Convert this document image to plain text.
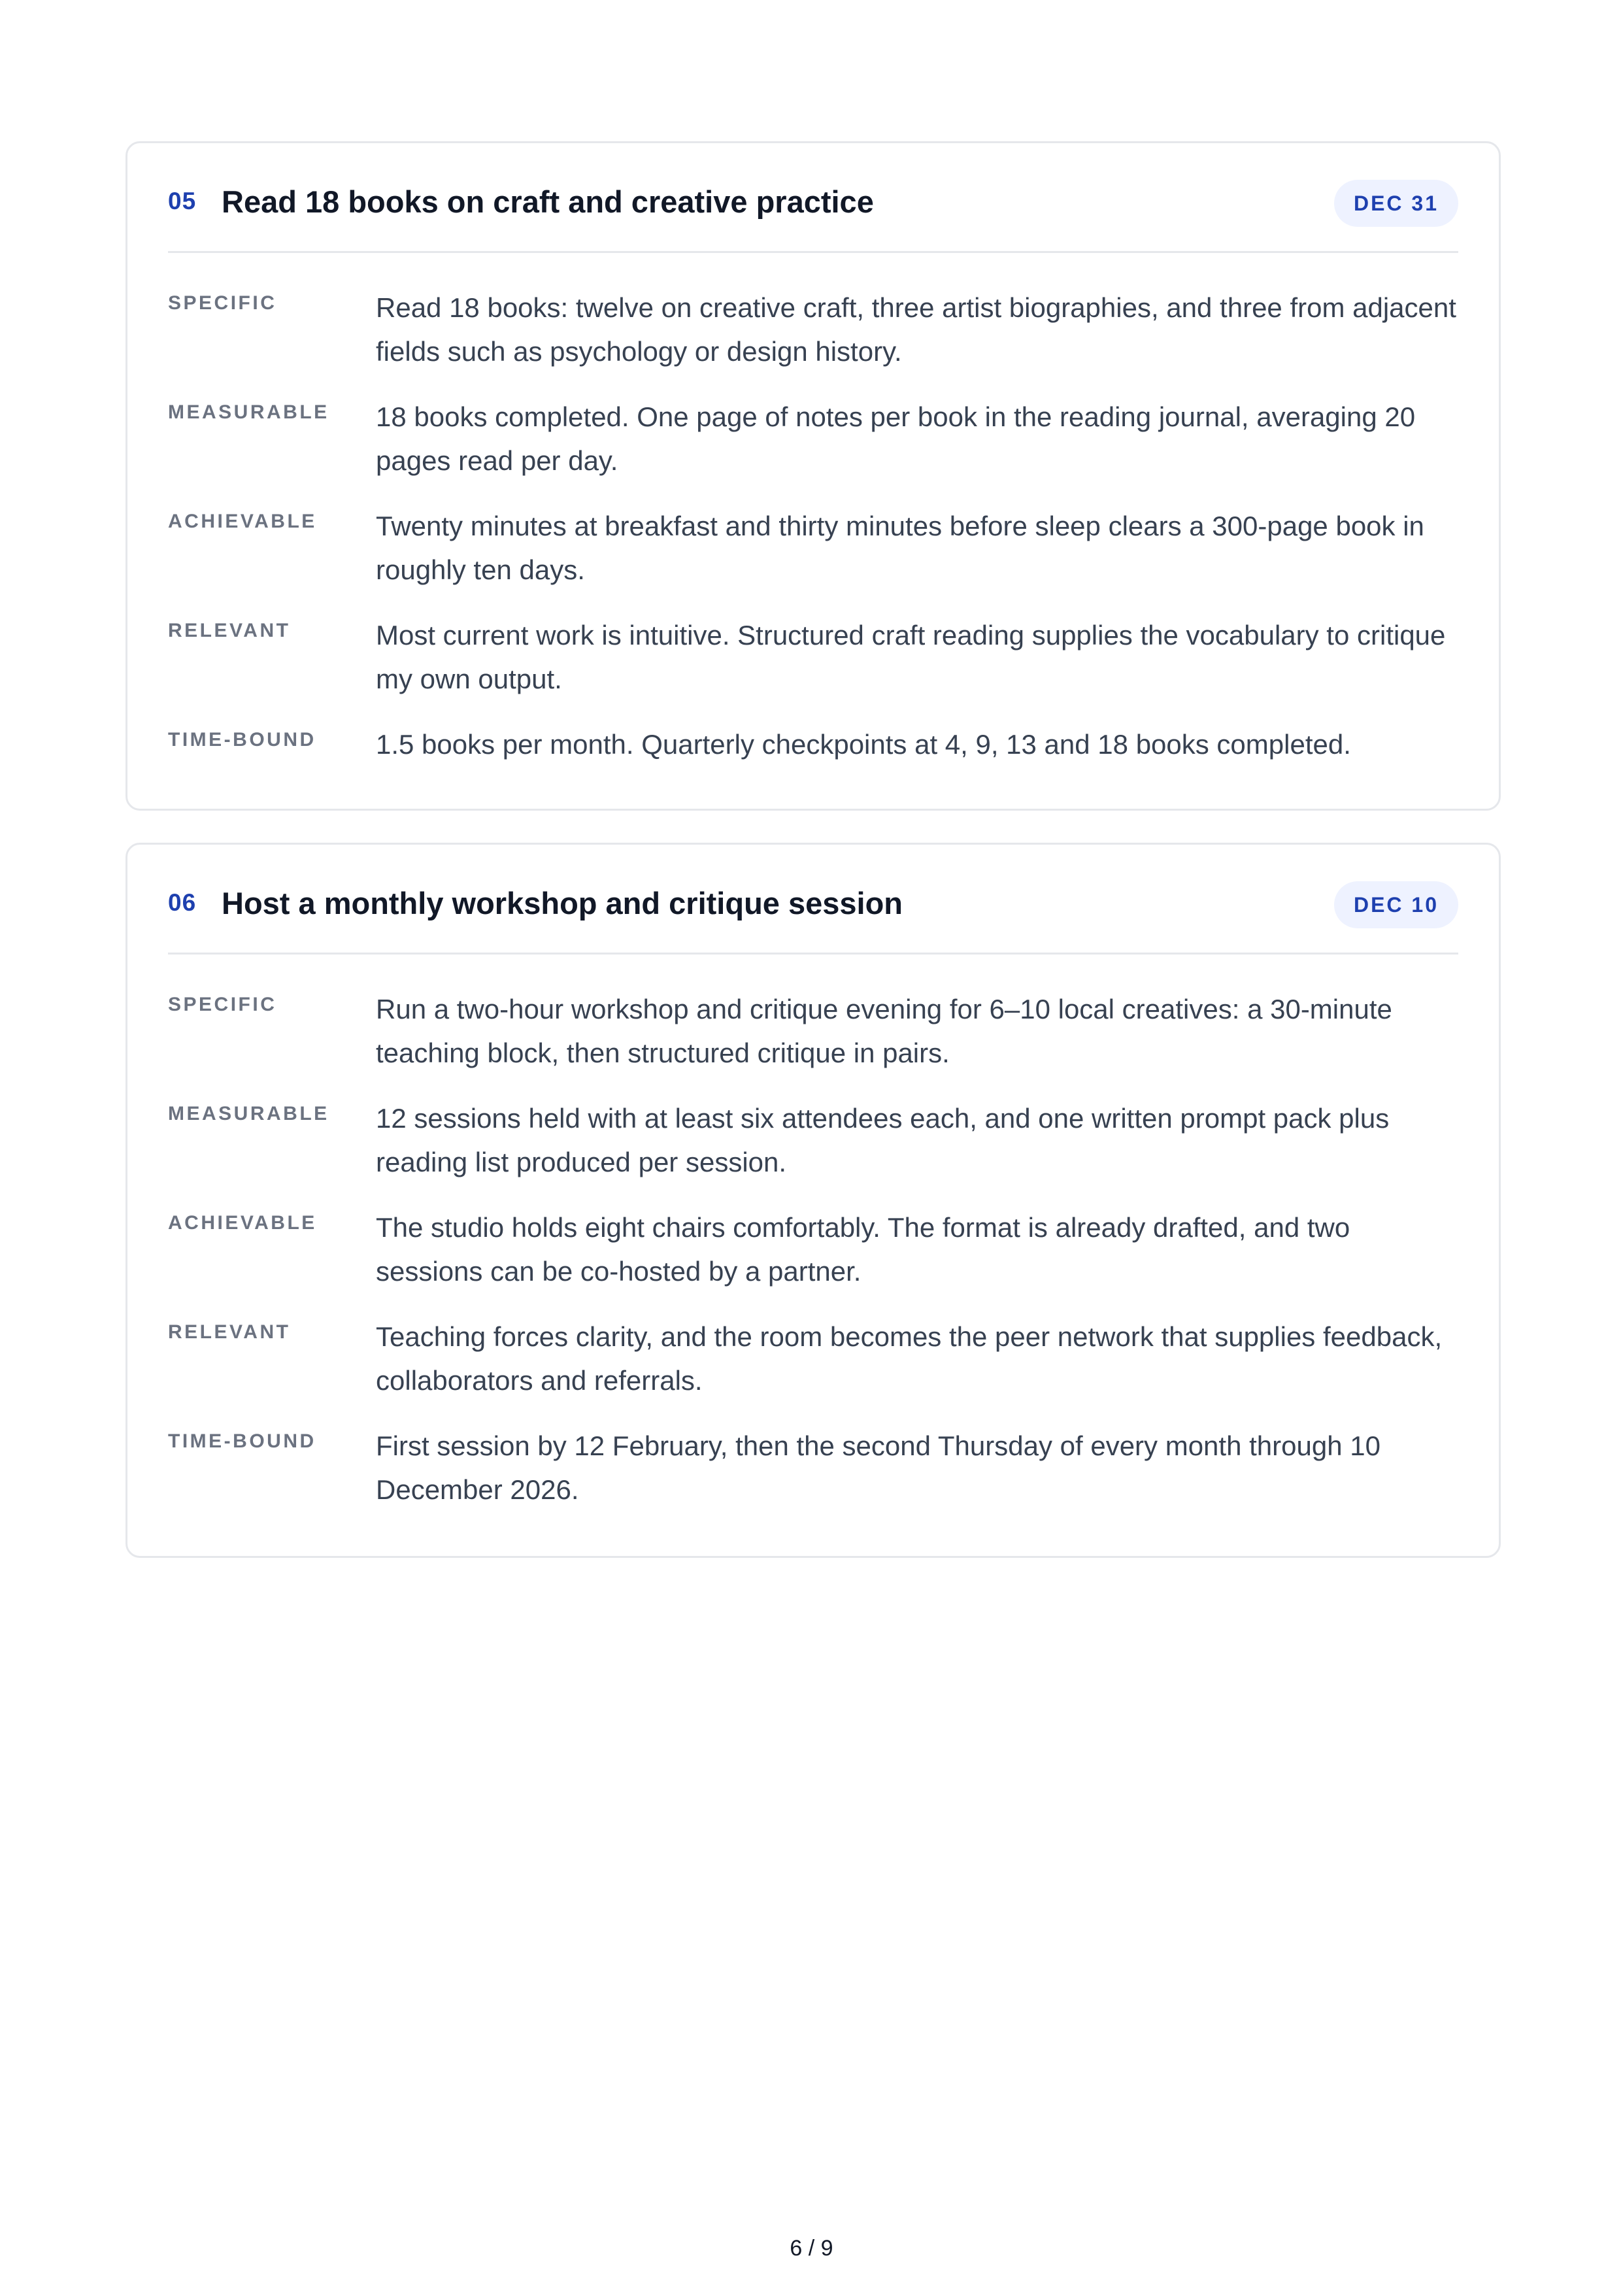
05 Read 18 books on craft and creative practice	DEC 31
SPECIFIC	Read 18 books: twelve on creative craft, three artist biographies, and three from adjacent fields such as psychology or design history.
MEASURABLE	18 books completed. One page of notes per book in the reading journal, averaging 20 pages read per day.
ACHIEVABLE	Twenty minutes at breakfast and thirty minutes before sleep clears a 300-page book in roughly ten days.
RELEVANT	Most current work is intuitive. Structured craft reading supplies the vocabulary to critique my own output.
TIME-BOUND	1.5 books per month. Quarterly checkpoints at 4, 9, 13 and 18 books completed.
06 Host a monthly workshop and critique session	DEC 10
SPECIFIC	Run a two-hour workshop and critique evening for 6–10 local creatives: a 30-minute teaching block, then structured critique in pairs.
MEASURABLE	12 sessions held with at least six attendees each, and one written prompt pack plus reading list produced per session.
ACHIEVABLE	The studio holds eight chairs comfortably. The format is already drafted, and two sessions can be co-hosted by a partner.
RELEVANT	Teaching forces clarity, and the room becomes the peer network that supplies feedback, collaborators and referrals.
TIME-BOUND	First session by 12 February, then the second Thursday of every month through 10 December 2026.
6 / 9
